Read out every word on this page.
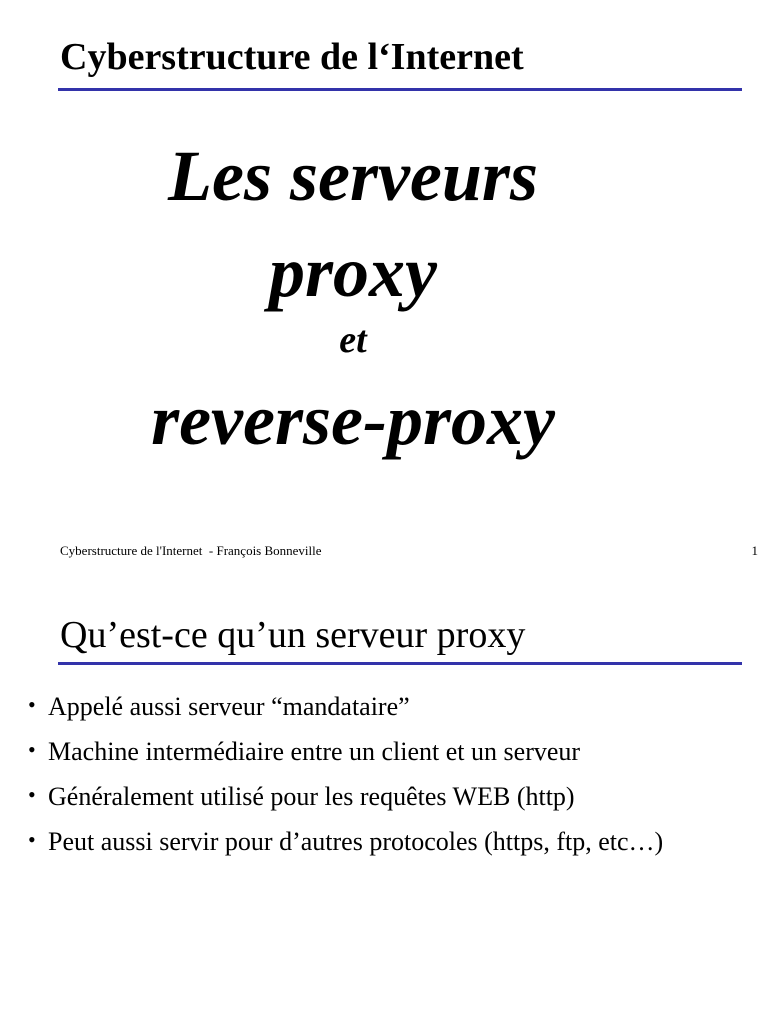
Cyberstructure de l‘Internet
Les serveurs
proxy
et
reverse-proxy
Cyberstructure de l'Internet  - François Bonneville	1
Qu’est-ce qu’un serveur proxy
• Appelé aussi serveur “mandataire”
• Machine intermédiaire entre un client et un serveur
• Généralement utilisé pour les requêtes WEB (http)
• Peut aussi servir pour d’autres protocoles (https, ftp, etc…)
